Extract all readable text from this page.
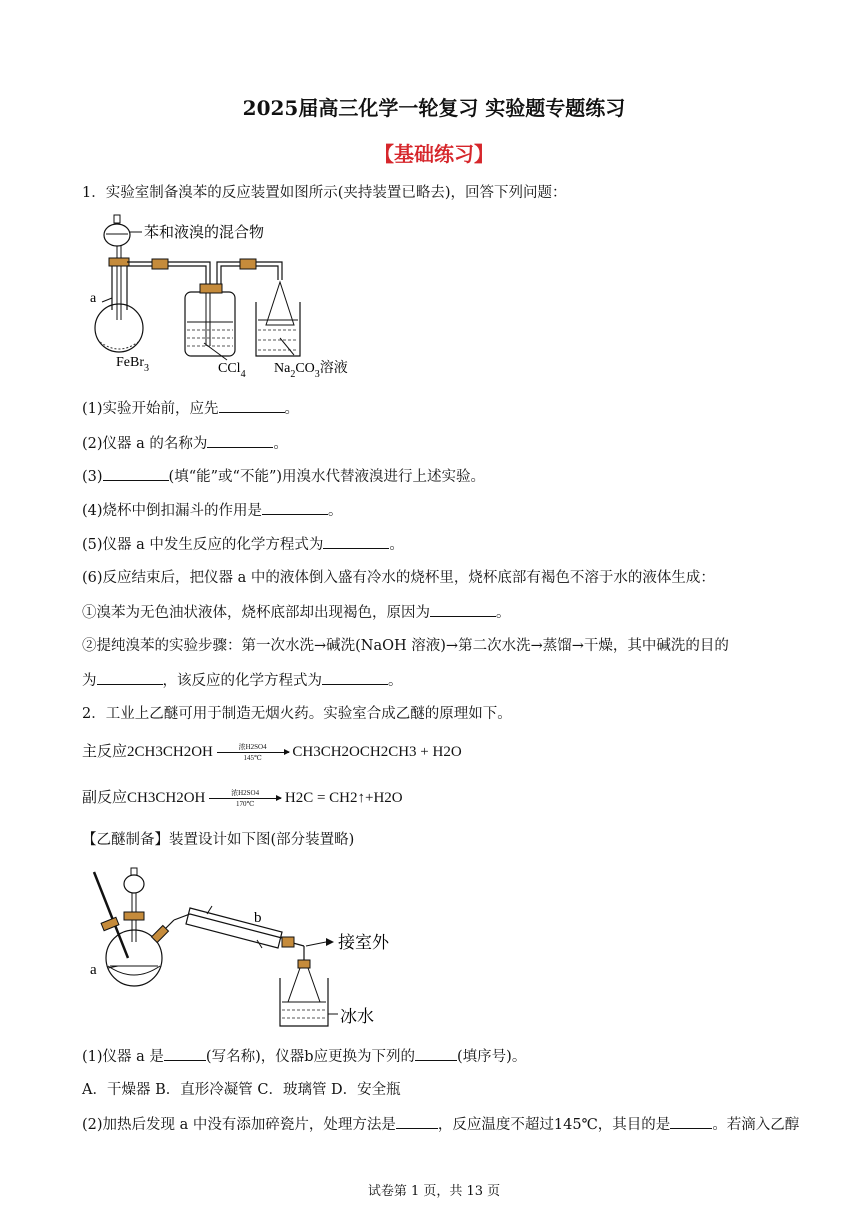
2025届高三化学一轮复习 实验题专题练习
【基础练习】
1．实验室制备溴苯的反应装置如图所示(夹持装置已略去)，回答下列问题：
苯和液溴的混合物
a
FeBr$_3$	CCl$_4$ $Na_2CO_3$溶液
(1)实验开始前，应先	。
(2)仪器 a 的名称为	。
(3)	(填“能”或“不能”)用溴水代替液溴进行上述实验。
(4)烧杯中倒扣漏斗的作用是	。
(5)仪器 a 中发生反应的化学方程式为	。
(6)反应结束后，把仪器 a 中的液体倒入盛有冷水的烧杯里，烧杯底部有褐色不溶于水的液体生成：
①溴苯为无色油状液体，烧杯底部却出现褐色，原因为	。
②提纯溴苯的实验步骤：第一次水洗→碱洗(NaOH 溶液)→第二次水洗→蒸馏→干燥，其中碱洗的目的
为	，该反应的化学方程式为	。
2．工业上乙醚可用于制造无烟火药。实验室合成乙醚的原理如下。
主反应2CH3CH2OH	浓H2SO4
145℃ CH3CH2OCH2CH3 + H2O
副反应CH3CH2OH	浓H2SO4
170℃ H2C = CH2↑+H2O
【乙醚制备】装置设计如下图(部分装置略)
a
b
接室外
冰水
(1)仪器 a 是	(写名称)，仪器b应更换为下列的	(填序号)。
A．干燥器 B．直形冷凝管 C．玻璃管 D．安全瓶
(2)加热后发现 a 中没有添加碎瓷片，处理方法是	，反应温度不超过145℃，其目的是	。若滴入乙醇
试卷第 1 页，共 13 页
